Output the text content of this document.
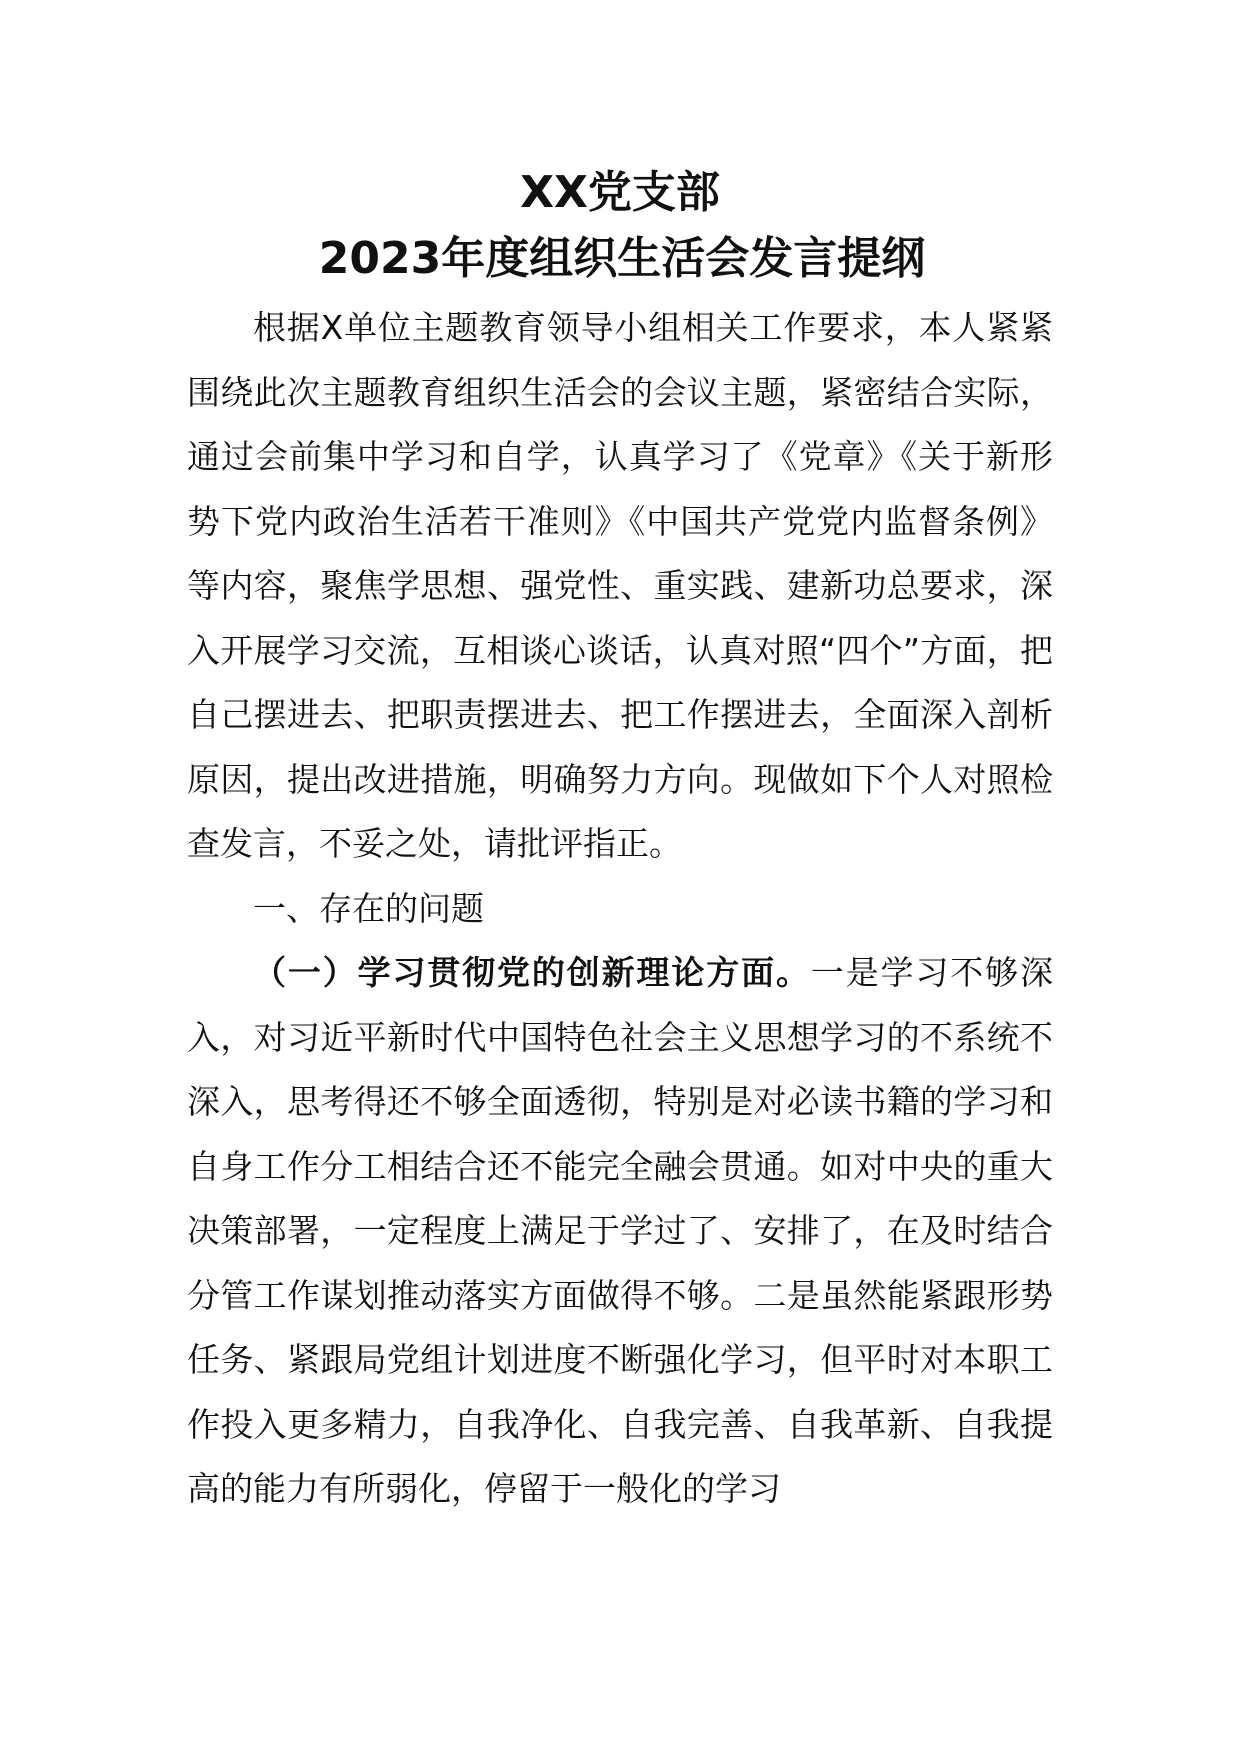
XX党支部
2023年度组织生活会发言提纲

根据X单位主题教育领导小组相关工作要求，本人紧紧围绕此次主题教育组织生活会的会议主题，紧密结合实际，通过会前集中学习和自学，认真学习了《党章》《关于新形势下党内政治生活若干准则》《中国共产党党内监督条例》等内容，聚焦学思想、强党性、重实践、建新功总要求，深入开展学习交流，互相谈心谈话，认真对照“四个”方面，把自己摆进去、把职责摆进去、把工作摆进去，全面深入剖析原因，提出改进措施，明确努力方向。现做如下个人对照检查发言，不妥之处，请批评指正。

一、存在的问题

（一）学习贯彻党的创新理论方面。一是学习不够深入，对习近平新时代中国特色社会主义思想学习的不系统不深入，思考得还不够全面透彻，特别是对必读书籍的学习和自身工作分工相结合还不能完全融会贯通。如对中央的重大决策部署，一定程度上满足于学过了、安排了，在及时结合分管工作谋划推动落实方面做得不够。二是虽然能紧跟形势任务、紧跟局党组计划进度不断强化学习，但平时对本职工作投入更多精力，自我净化、自我完善、自我革新、自我提高的能力有所弱化，停留于一般化的学习
